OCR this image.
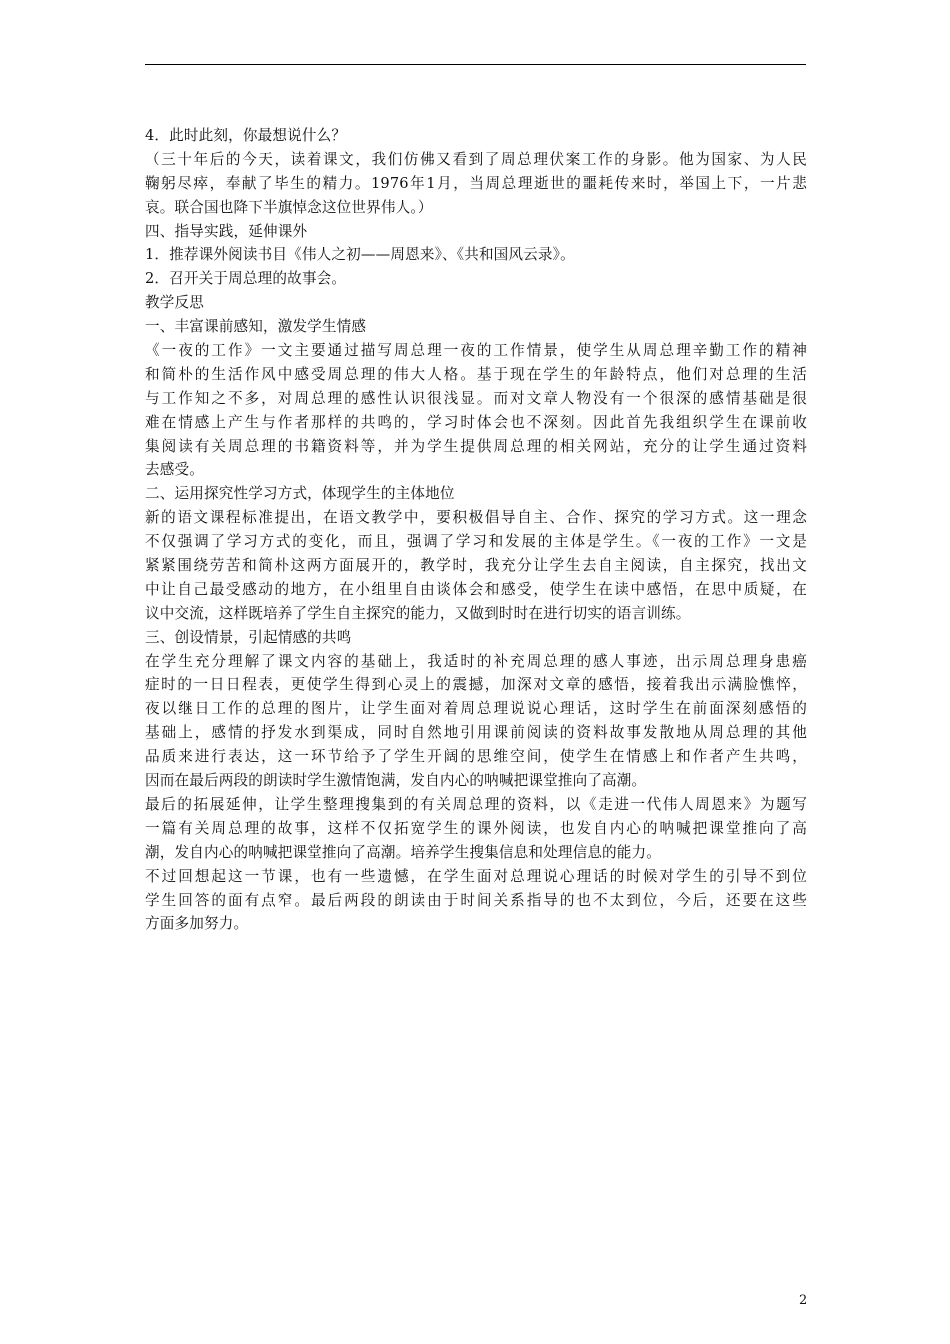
4．此时此刻，你最想说什么？
（三十年后的今天，读着课文，我们仿佛又看到了周总理伏案工作的身影。他为国家、为人民
鞠躬尽瘁，奉献了毕生的精力。1976年1月，当周总理逝世的噩耗传来时，举国上下，一片悲
哀。联合国也降下半旗悼念这位世界伟人。）
四、指导实践，延伸课外
1．推荐课外阅读书目《伟人之初——周恩来》、《共和国风云录》。
2．召开关于周总理的故事会。
教学反思
一、丰富课前感知，激发学生情感
《一夜的工作》一文主要通过描写周总理一夜的工作情景，使学生从周总理辛勤工作的精神
和简朴的生活作风中感受周总理的伟大人格。基于现在学生的年龄特点，他们对总理的生活
与工作知之不多，对周总理的感性认识很浅显。而对文章人物没有一个很深的感情基础是很
难在情感上产生与作者那样的共鸣的，学习时体会也不深刻。因此首先我组织学生在课前收
集阅读有关周总理的书籍资料等，并为学生提供周总理的相关网站，充分的让学生通过资料
去感受。
二、运用探究性学习方式，体现学生的主体地位
新的语文课程标准提出，在语文教学中，要积极倡导自主、合作、探究的学习方式。这一理念
不仅强调了学习方式的变化，而且，强调了学习和发展的主体是学生。《一夜的工作》一文是
紧紧围绕劳苦和简朴这两方面展开的，教学时，我充分让学生去自主阅读，自主探究，找出文
中让自己最受感动的地方，在小组里自由谈体会和感受，使学生在读中感悟，在思中质疑，在
议中交流，这样既培养了学生自主探究的能力，又做到时时在进行切实的语言训练。
三、创设情景，引起情感的共鸣
在学生充分理解了课文内容的基础上，我适时的补充周总理的感人事迹，出示周总理身患癌
症时的一日日程表，更使学生得到心灵上的震撼，加深对文章的感悟，接着我出示满脸憔悴，
夜以继日工作的总理的图片，让学生面对着周总理说说心理话，这时学生在前面深刻感悟的
基础上，感情的抒发水到渠成，同时自然地引用课前阅读的资料故事发散地从周总理的其他
品质来进行表达，这一环节给予了学生开阔的思维空间，使学生在情感上和作者产生共鸣，
因而在最后两段的朗读时学生激情饱满，发自内心的呐喊把课堂推向了高潮。
最后的拓展延伸，让学生整理搜集到的有关周总理的资料，以《走进一代伟人周恩来》为题写
一篇有关周总理的故事，这样不仅拓宽学生的课外阅读，也发自内心的呐喊把课堂推向了高
潮，发自内心的呐喊把课堂推向了高潮。培养学生搜集信息和处理信息的能力。
不过回想起这一节课，也有一些遗憾，在学生面对总理说心理话的时候对学生的引导不到位
学生回答的面有点窄。最后两段的朗读由于时间关系指导的也不太到位，今后，还要在这些
方面多加努力。
2
